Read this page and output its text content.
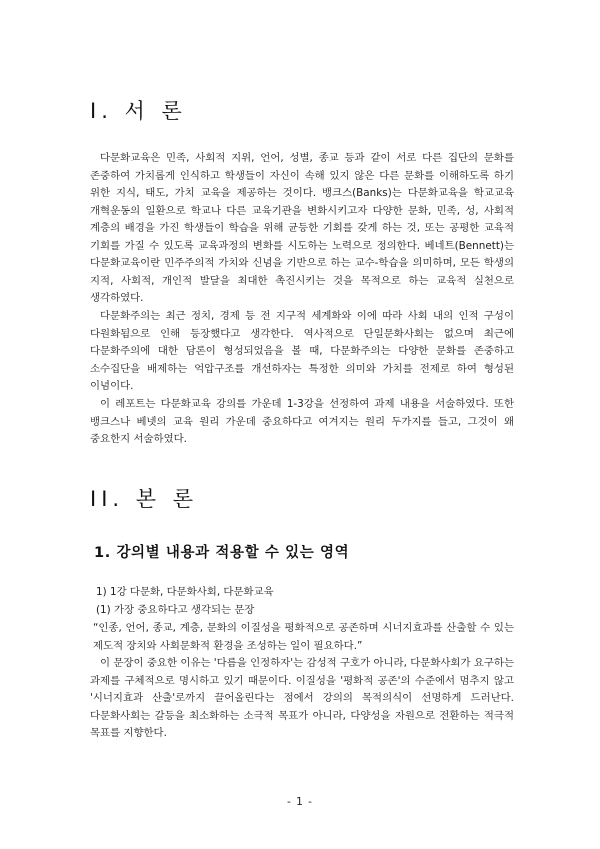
I. 서 론

다문화교육은 민족, 사회적 지위, 언어, 성별, 종교 등과 같이 서로 다른 집단의 문화를 존중하여 가치롭게 인식하고 학생들이 자신이 속해 있지 않은 다른 문화를 이해하도록 하기 위한 지식, 태도, 가치 교육을 제공하는 것이다. 뱅크스(Banks)는 다문화교육을 학교교육 개혁운동의 일환으로 학교나 다른 교육기관을 변화시키고자 다양한 문화, 민족, 성, 사회적 계층의 배경을 가진 학생들이 학습을 위해 균등한 기회를 갖게 하는 것, 또는 공평한 교육적 기회를 가질 수 있도록 교육과정의 변화를 시도하는 노력으로 정의한다. 베네트(Bennett)는 다문화교육이란 민주주의적 가치와 신념을 기반으로 하는 교수-학습을 의미하며, 모든 학생의 지적, 사회적, 개인적 발달을 최대한 촉진시키는 것을 목적으로 하는 교육적 실천으로 생각하였다.

다문화주의는 최근 정치, 경제 등 전 지구적 세계화와 이에 따라 사회 내의 인적 구성이 다원화됨으로 인해 등장했다고 생각한다. 역사적으로 단일문화사회는 없으며 최근에 다문화주의에 대한 담론이 형성되었음을 볼 때, 다문화주의는 다양한 문화를 존중하고 소수집단을 배제하는 억압구조를 개선하자는 특정한 의미와 가치를 전제로 하여 형성된 이념이다.

이 레포트는 다문화교육 강의를 가운데 1-3강을 선정하여 과제 내용을 서술하였다. 또한 뱅크스나 베넷의 교육 원리 가운데 중요하다고 여겨지는 원리 두가지를 들고, 그것이 왜 중요한지 서술하였다.

II. 본 론
1. 강의별 내용과 적용할 수 있는 영역

1) 1강 다문화, 다문화사회, 다문화교육

(1) 가장 중요하다고 생각되는 문장

“인종, 언어, 종교, 계층, 문화의 이질성을 평화적으로 공존하며 시너지효과를 산출할 수 있는 제도적 장치와 사회문화적 환경을 조성하는 일이 필요하다.”

이 문장이 중요한 이유는 '다름을 인정하자'는 감성적 구호가 아니라, 다문화사회가 요구하는 과제를 구체적으로 명시하고 있기 때문이다. 이질성을 '평화적 공존'의 수준에서 멈추지 않고 '시너지효과 산출'로까지 끌어올린다는 점에서 강의의 목적의식이 선명하게 드러난다. 다문화사회는 갈등을 최소화하는 소극적 목표가 아니라, 다양성을 자원으로 전환하는 적극적 목표를 지향한다.

- 1 -
